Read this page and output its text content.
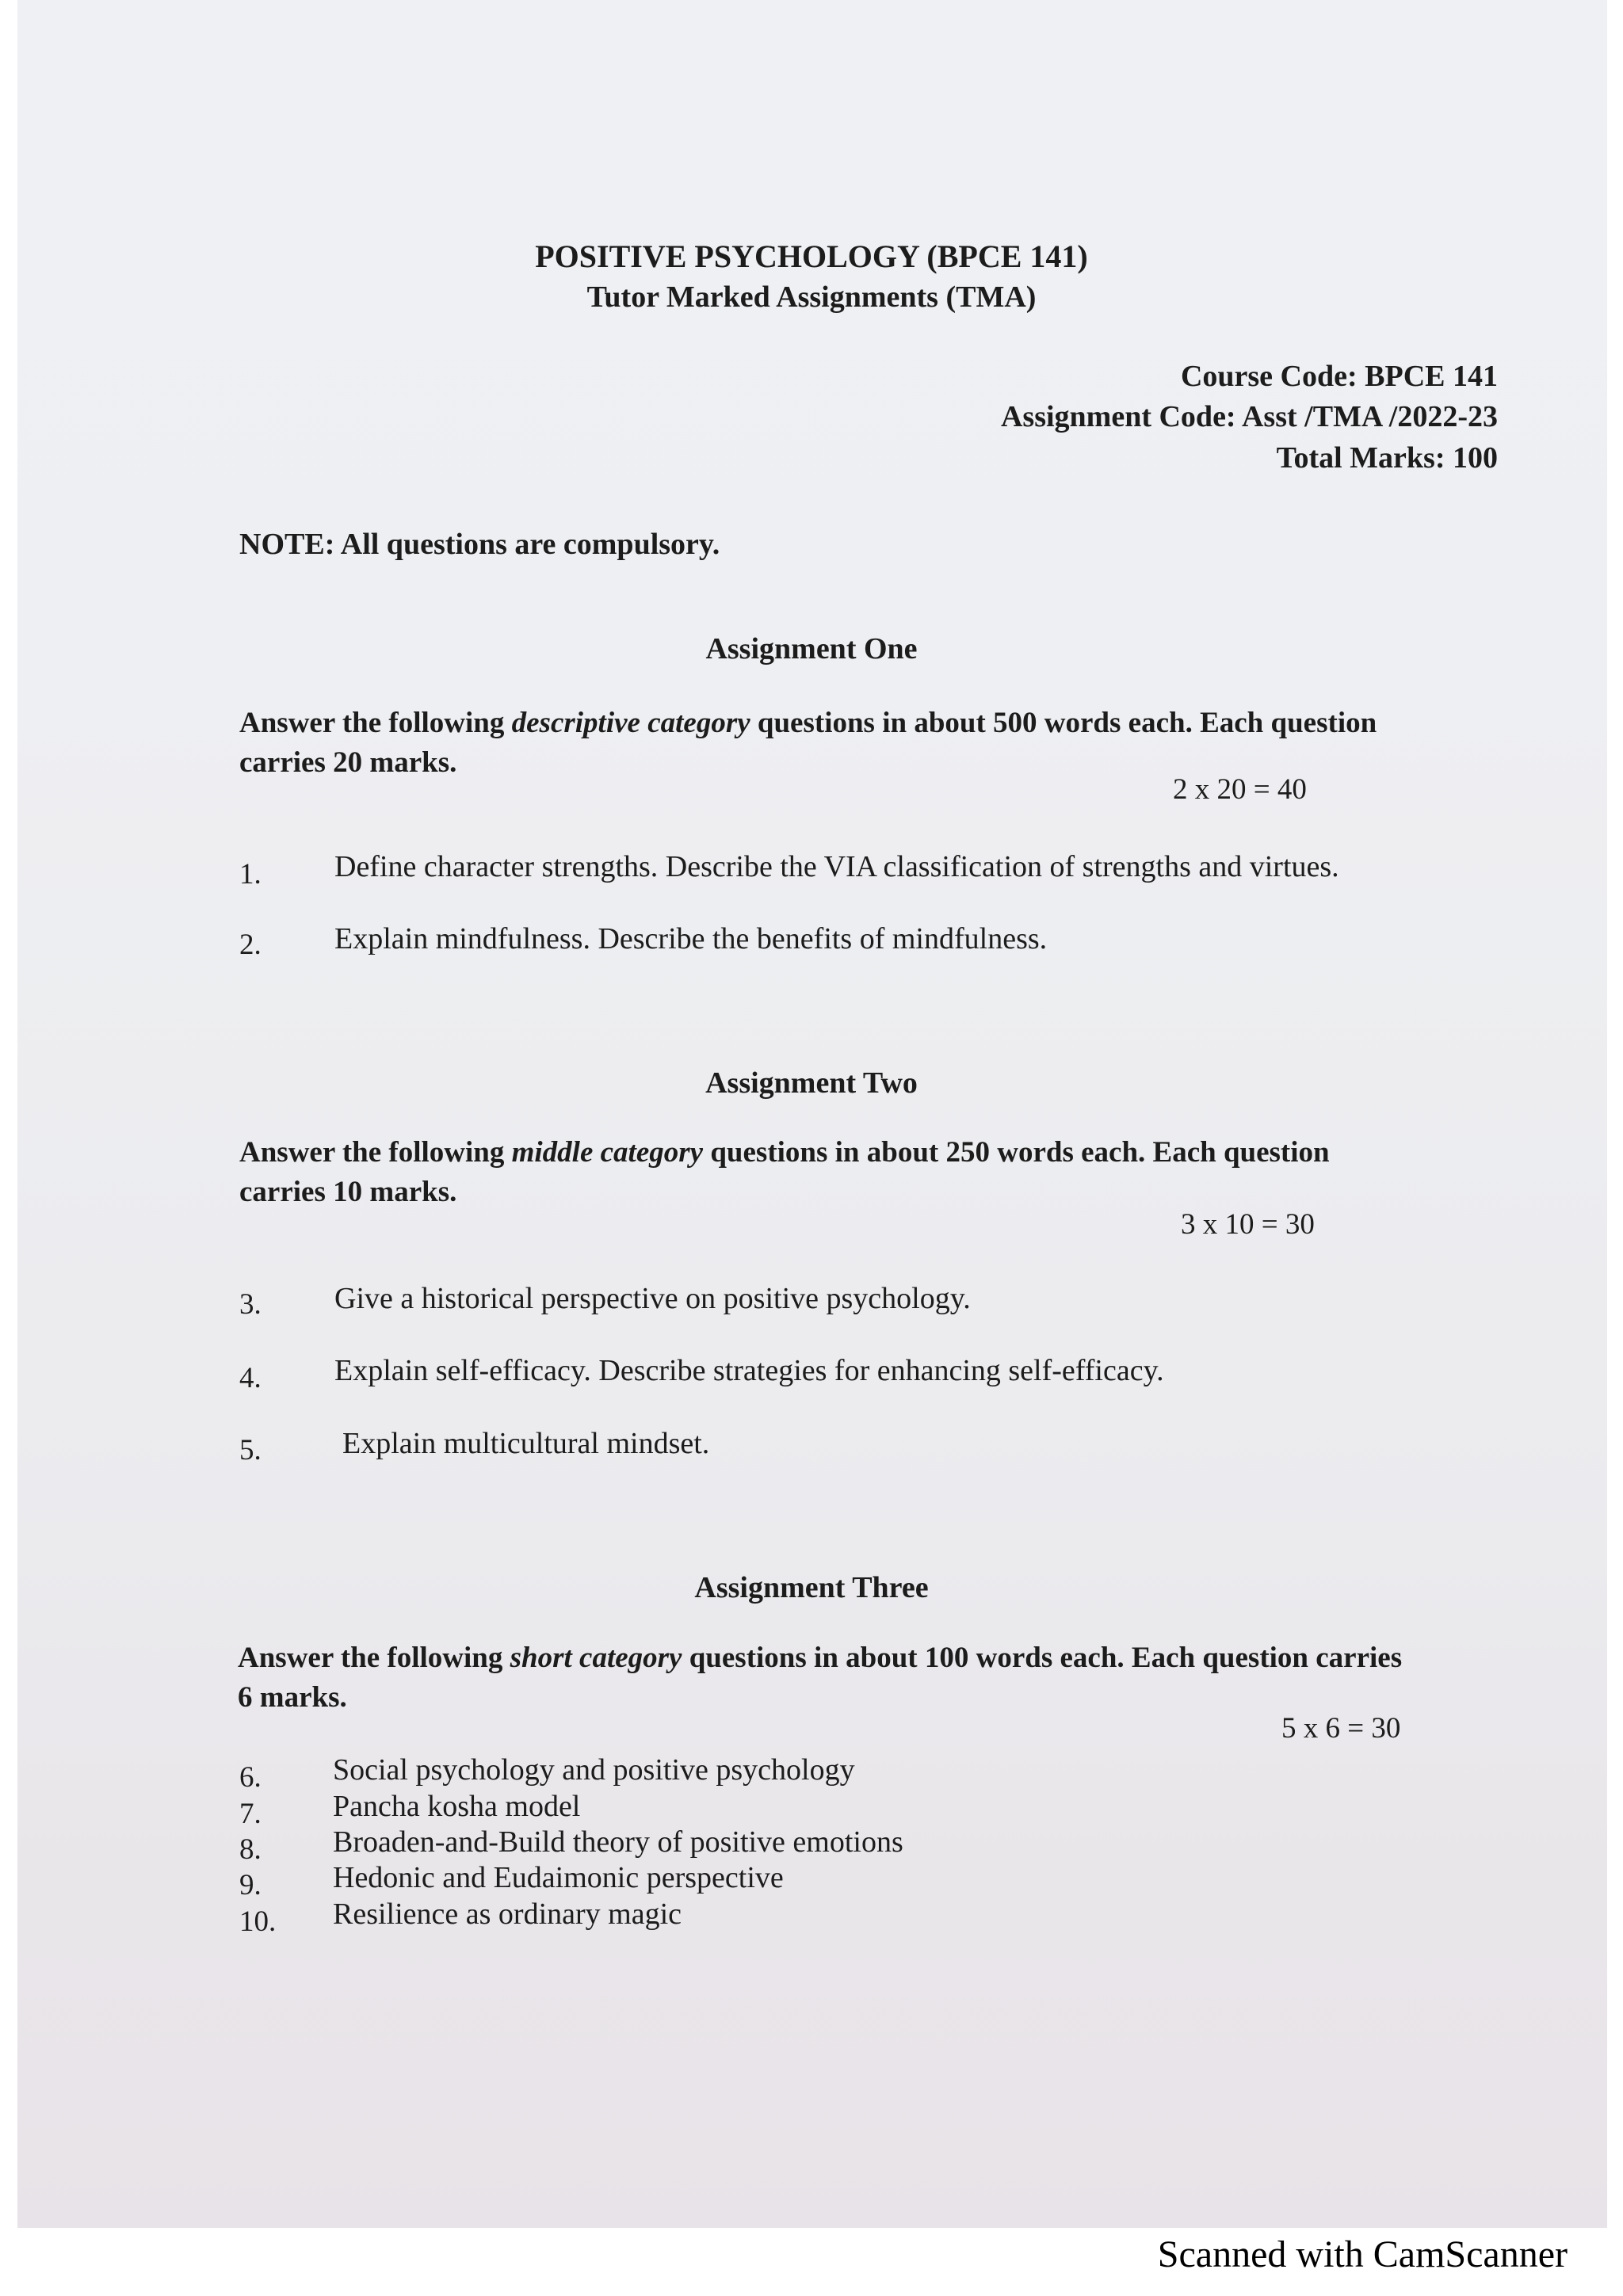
POSITIVE PSYCHOLOGY (BPCE 141)
Tutor Marked Assignments (TMA)
Course Code: BPCE 141
Assignment Code: Asst /TMA /2022-23
Total Marks: 100
NOTE: All questions are compulsory.
Assignment One
Answer the following descriptive category questions in about 500 words each. Each question carries 20 marks.
2 x 20 = 40
1. Define character strengths. Describe the VIA classification of strengths and virtues.
2. Explain mindfulness. Describe the benefits of mindfulness.
Assignment Two
Answer the following middle category questions in about 250 words each. Each question carries 10 marks.
3 x 10 = 30
3. Give a historical perspective on positive psychology.
4. Explain self-efficacy. Describe strategies for enhancing self-efficacy.
5.	Explain multicultural mindset.
Assignment Three
Answer the following short category questions in about 100 words each. Each question carries 6 marks.
5 x 6 = 30
6. Social psychology and positive psychology
7. Pancha kosha model
8. Broaden-and-Build theory of positive emotions
9. Hedonic and Eudaimonic perspective
10. Resilience as ordinary magic
Scanned with CamScanner
